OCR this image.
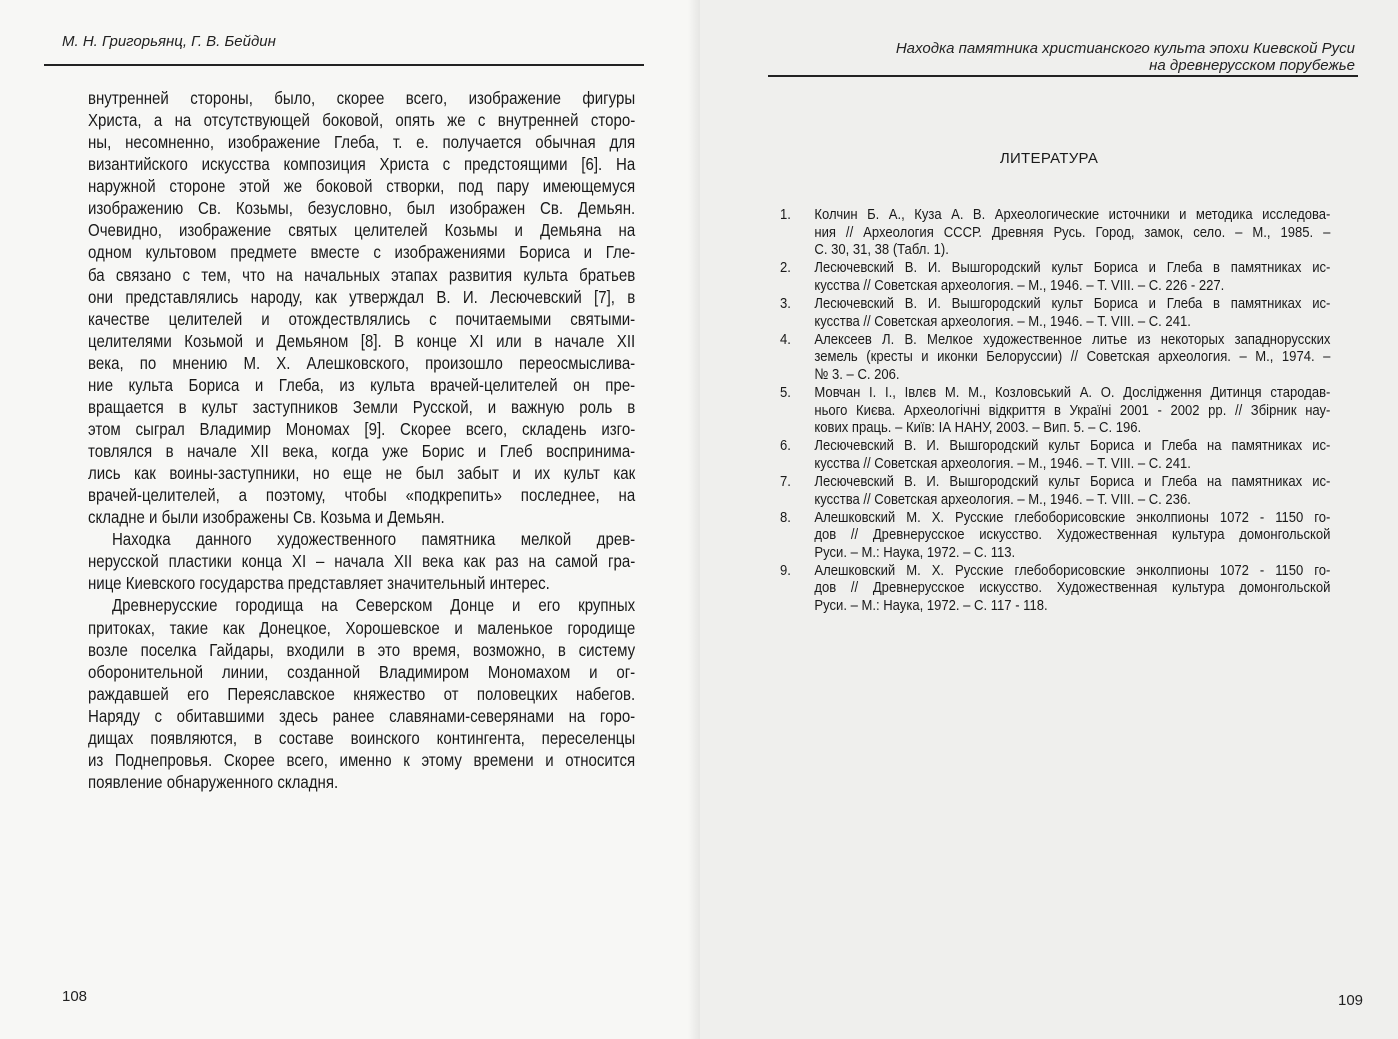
М. Н. Григорьянц, Г. В. Бейдин
внутренней стороны, было, скорее всего, изображение фигуры
Христа, а на отсутствующей боковой, опять же с внутренней сторо-
ны, несомненно, изображение Глеба, т. е. получается обычная для
византийского искусства композиция Христа с предстоящими [6]. На
наружной стороне этой же боковой створки, под пару имеющемуся
изображению Св. Козьмы, безусловно, был изображен Св. Демьян.
Очевидно, изображение святых целителей Козьмы и Демьяна на
одном культовом предмете вместе с изображениями Бориса и Гле-
ба связано с тем, что на начальных этапах развития культа братьев
они представлялись народу, как утверждал В. И. Лесючевский [7], в
качестве целителей и отождествлялись с почитаемыми святыми-
целителями Козьмой и Демьяном [8]. В конце XI или в начале XII
века, по мнению М. Х. Алешковского, произошло переосмыслива-
ние культа Бориса и Глеба, из культа врачей-целителей он пре-
вращается в культ заступников Земли Русской, и важную роль в
этом сыграл Владимир Мономах [9]. Скорее всего, складень изго-
товлялся в начале XII века, когда уже Борис и Глеб воспринима-
лись как воины-заступники, но еще не был забыт и их культ как
врачей-целителей, а поэтому, чтобы «подкрепить» последнее, на
складне и были изображены Св. Козьма и Демьян.
Находка данного художественного памятника мелкой древ-
нерусской пластики конца XI – начала XII века как раз на самой гра-
нице Киевского государства представляет значительный интерес.
Древнерусские городища на Северском Донце и его крупных
притоках, такие как Донецкое, Хорошевское и маленькое городище
возле поселка Гайдары, входили в это время, возможно, в систему
оборонительной линии, созданной Владимиром Мономахом и ог-
раждавшей его Переяславское княжество от половецких набегов.
Наряду с обитавшими здесь ранее славянами-северянами на горо-
дищах появляются, в составе воинского контингента, переселенцы
из Поднепровья. Скорее всего, именно к этому времени и относится
появление обнаруженного складня.
108
Находка памятника христианского культа эпохи Киевской Руси
на древнерусском порубежье
ЛИТЕРАТУРА
1. Колчин Б. А., Куза А. В. Археологические источники и методика исследова-
ния // Археология СССР. Древняя Русь. Город, замок, село. – М., 1985. –
С. 30, 31, 38 (Табл. 1).
2. Лесючевский В. И. Вышгородский культ Бориса и Глеба в памятниках ис-
кусства // Советская археология. – М., 1946. – Т. VIII. – С. 226 - 227.
3. Лесючевский В. И. Вышгородский культ Бориса и Глеба в памятниках ис-
кусства // Советская археология. – М., 1946. – Т. VIII. – С. 241.
4. Алексеев Л. В. Мелкое художественное литье из некоторых западнорусских
земель (кресты и иконки Белоруссии) // Советская археология. – М., 1974. –
№ 3. – С. 206.
5. Мовчан І. І., Івлєв М. М., Козловський А. О. Дослідження Дитинця стародав-
нього Києва. Археологічні відкриття в Україні 2001 - 2002 рр. // Збірник нау-
кових праць. – Київ: ІА НАНУ, 2003. – Вип. 5. – С. 196.
6. Лесючевский В. И. Вышгородский культ Бориса и Глеба на памятниках ис-
кусства // Советская археология. – М., 1946. – Т. VIII. – С. 241.
7. Лесючевский В. И. Вышгородский культ Бориса и Глеба на памятниках ис-
кусства // Советская археология. – М., 1946. – Т. VIII. – С. 236.
8. Алешковский М. Х. Русские глебоборисовские энколпионы 1072 - 1150 го-
дов // Древнерусское искусство. Художественная культура домонгольской
Руси. – М.: Наука, 1972. – С. 113.
9. Алешковский М. Х. Русские глебоборисовские энколпионы 1072 - 1150 го-
дов // Древнерусское искусство. Художественная культура домонгольской
Руси. – М.: Наука, 1972. – С. 117 - 118.
109
